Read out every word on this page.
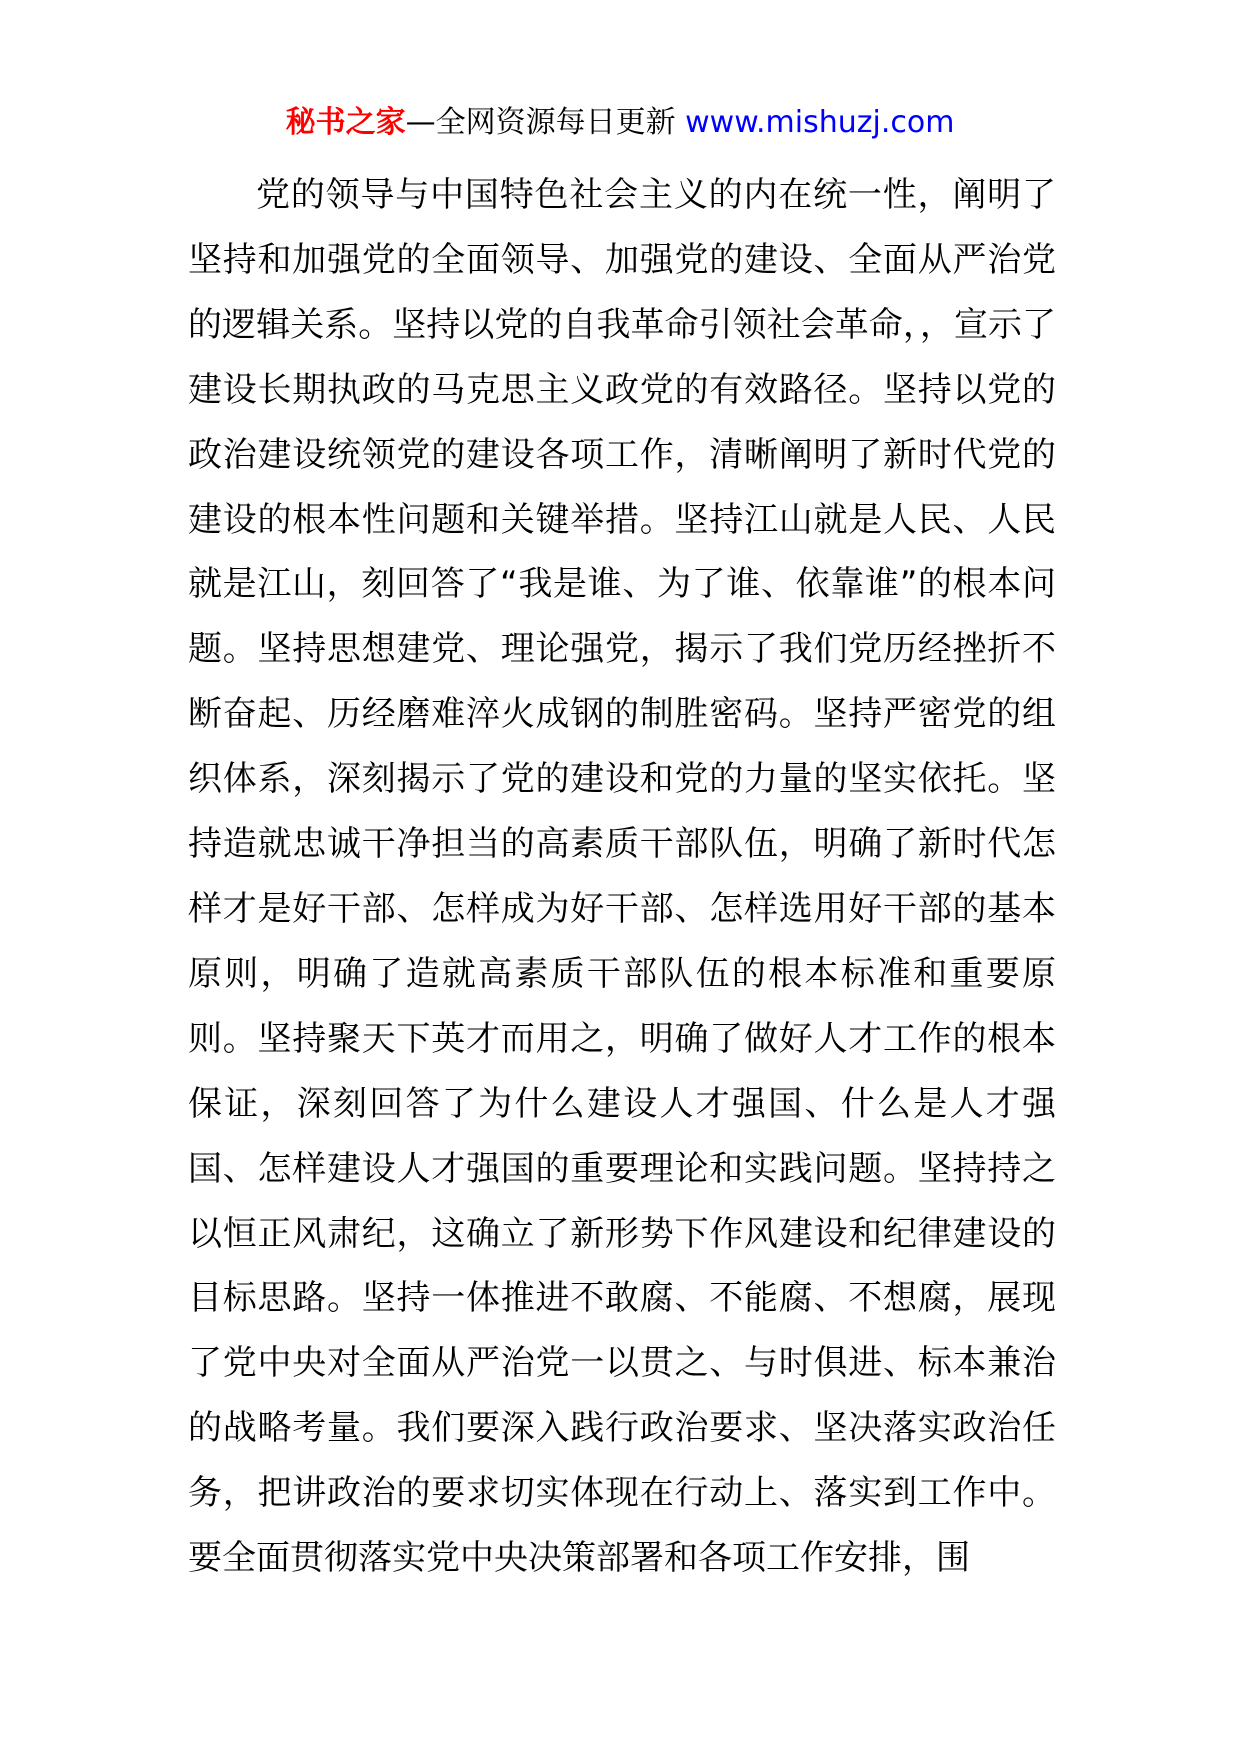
秘书之家—全网资源每日更新 www.mishuzj.com

党的领导与中国特色社会主义的内在统一性，阐明了坚持和加强党的全面领导、加强党的建设、全面从严治党的逻辑关系。坚持以党的自我革命引领社会革命，，宣示了建设长期执政的马克思主义政党的有效路径。坚持以党的政治建设统领党的建设各项工作，清晰阐明了新时代党的建设的根本性问题和关键举措。坚持江山就是人民、人民就是江山，刻回答了“我是谁、为了谁、依靠谁”的根本问题。坚持思想建党、理论强党，揭示了我们党历经挫折不断奋起、历经磨难淬火成钢的制胜密码。坚持严密党的组织体系，深刻揭示了党的建设和党的力量的坚实依托。坚持造就忠诚干净担当的高素质干部队伍，明确了新时代怎样才是好干部、怎样成为好干部、怎样选用好干部的基本原则，明确了造就高素质干部队伍的根本标准和重要原则。坚持聚天下英才而用之，明确了做好人才工作的根本保证，深刻回答了为什么建设人才强国、什么是人才强国、怎样建设人才强国的重要理论和实践问题。坚持持之以恒正风肃纪，这确立了新形势下作风建设和纪律建设的目标思路。坚持一体推进不敢腐、不能腐、不想腐，展现了党中央对全面从严治党一以贯之、与时俱进、标本兼治的战略考量。我们要深入践行政治要求、坚决落实政治任务，把讲政治的要求切实体现在行动上、落实到工作中。要全面贯彻落实党中央决策部署和各项工作安排，围
